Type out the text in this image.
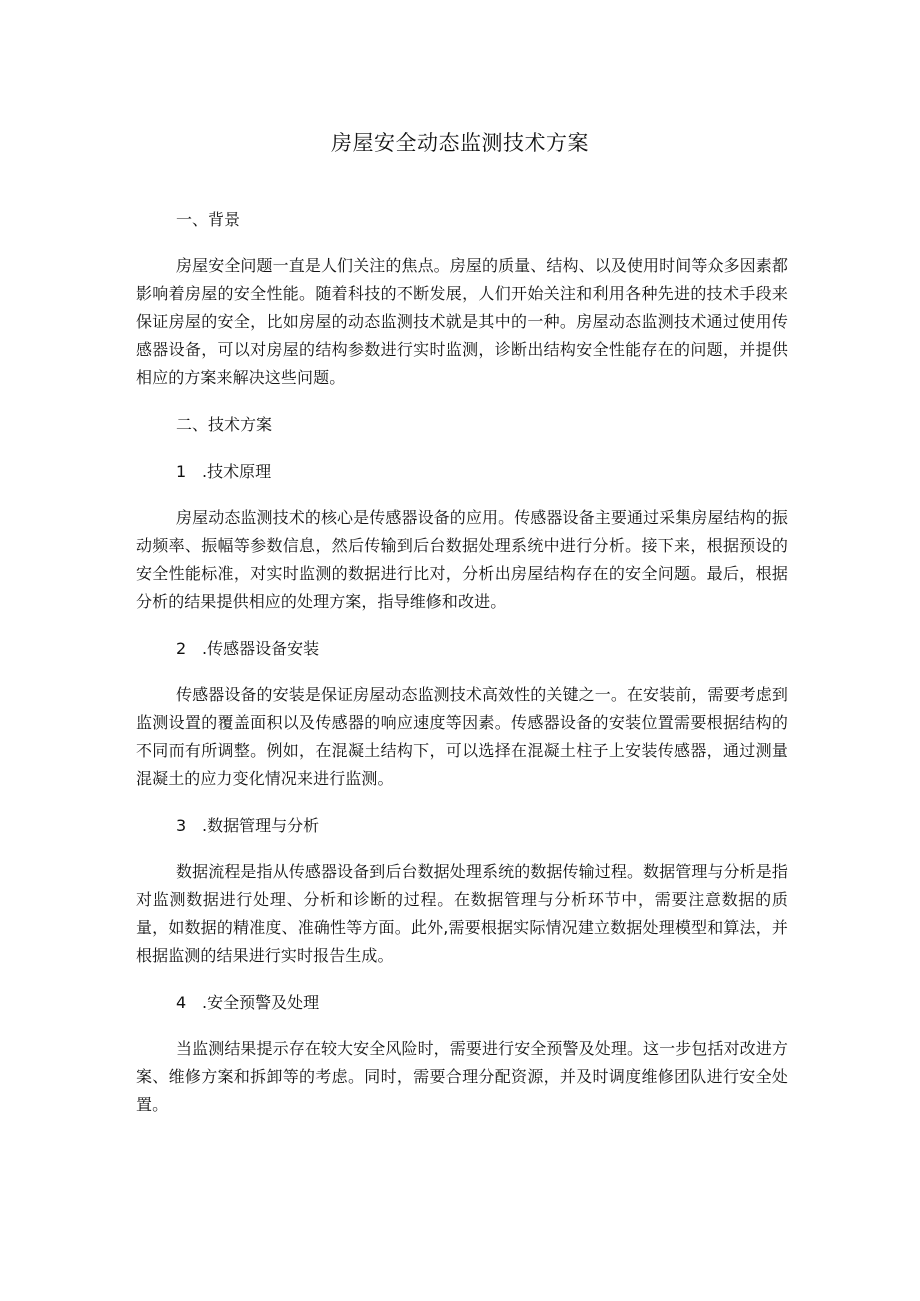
房屋安全动态监测技术方案
一、背景

房屋安全问题一直是人们关注的焦点。房屋的质量、结构、以及使用时间等众多因素都影响着房屋的安全性能。随着科技的不断发展，人们开始关注和利用各种先进的技术手段来保证房屋的安全，比如房屋的动态监测技术就是其中的一种。房屋动态监测技术通过使用传感器设备，可以对房屋的结构参数进行实时监测，诊断出结构安全性能存在的问题，并提供相应的方案来解决这些问题。

二、技术方案
1 .技术原理

房屋动态监测技术的核心是传感器设备的应用。传感器设备主要通过采集房屋结构的振动频率、振幅等参数信息，然后传输到后台数据处理系统中进行分析。接下来，根据预设的安全性能标准，对实时监测的数据进行比对，分析出房屋结构存在的安全问题。最后，根据分析的结果提供相应的处理方案，指导维修和改进。

2 .传感器设备安装

传感器设备的安装是保证房屋动态监测技术高效性的关键之一。在安装前，需要考虑到监测设置的覆盖面积以及传感器的响应速度等因素。传感器设备的安装位置需要根据结构的不同而有所调整。例如，在混凝土结构下，可以选择在混凝土柱子上安装传感器，通过测量混凝土的应力变化情况来进行监测。

3 .数据管理与分析

数据流程是指从传感器设备到后台数据处理系统的数据传输过程。数据管理与分析是指对监测数据进行处理、分析和诊断的过程。在数据管理与分析环节中，需要注意数据的质量，如数据的精准度、准确性等方面。此外,需要根据实际情况建立数据处理模型和算法，并根据监测的结果进行实时报告生成。

4 .安全预警及处理

当监测结果提示存在较大安全风险时，需要进行安全预警及处理。这一步包括对改进方案、维修方案和拆卸等的考虑。同时，需要合理分配资源，并及时调度维修团队进行安全处置。
